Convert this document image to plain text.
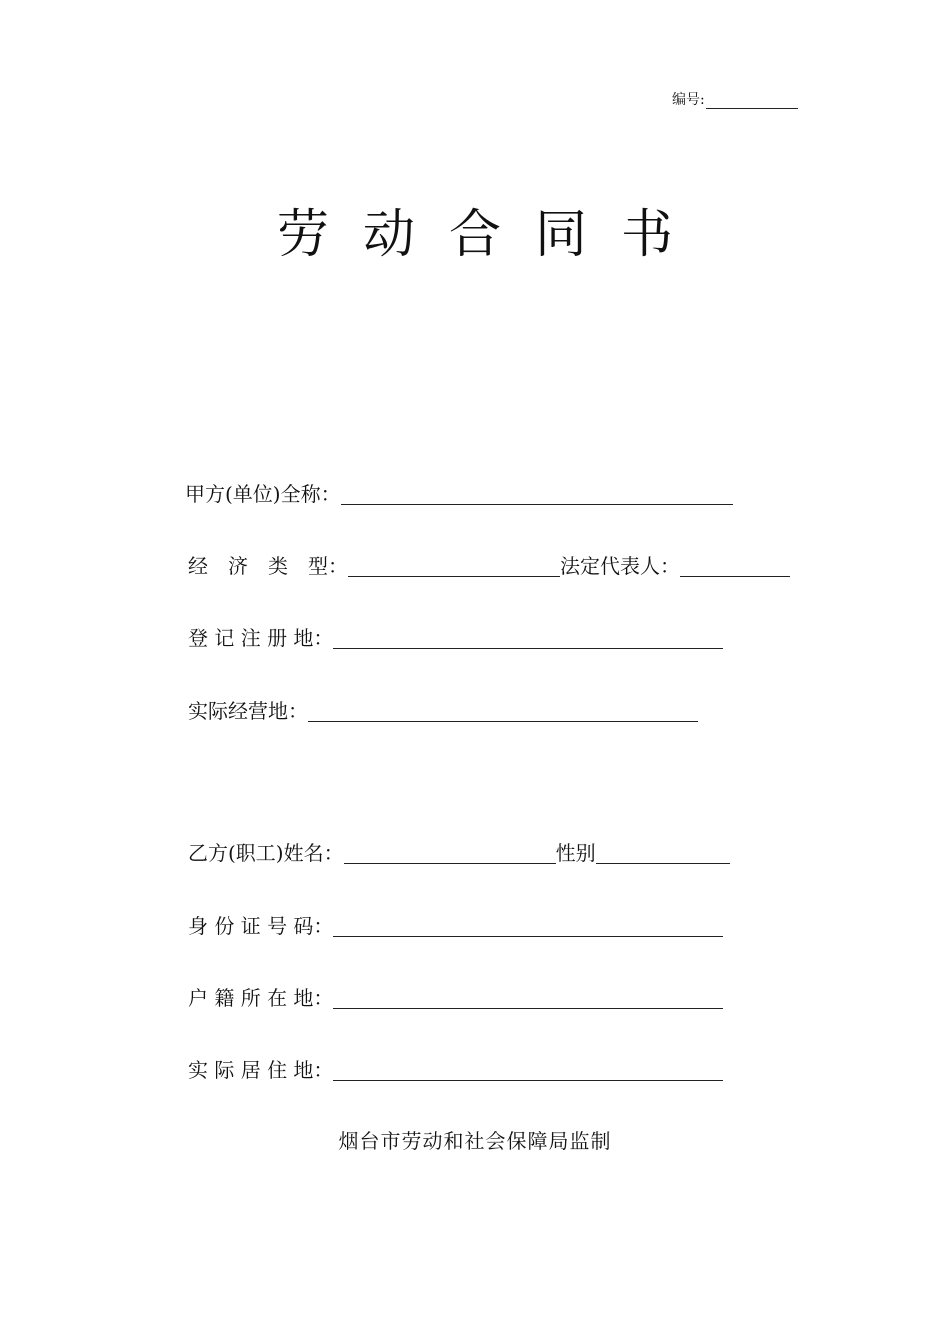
编号:
劳动合同书
甲方(单位)全称：
经　济　类　型：	法定代表人：
登 记 注 册 地：
实际经营地：
乙方(职工)姓名：	性别
身 份 证 号 码：
户 籍 所 在 地：
实 际 居 住 地：
烟台市劳动和社会保障局监制
